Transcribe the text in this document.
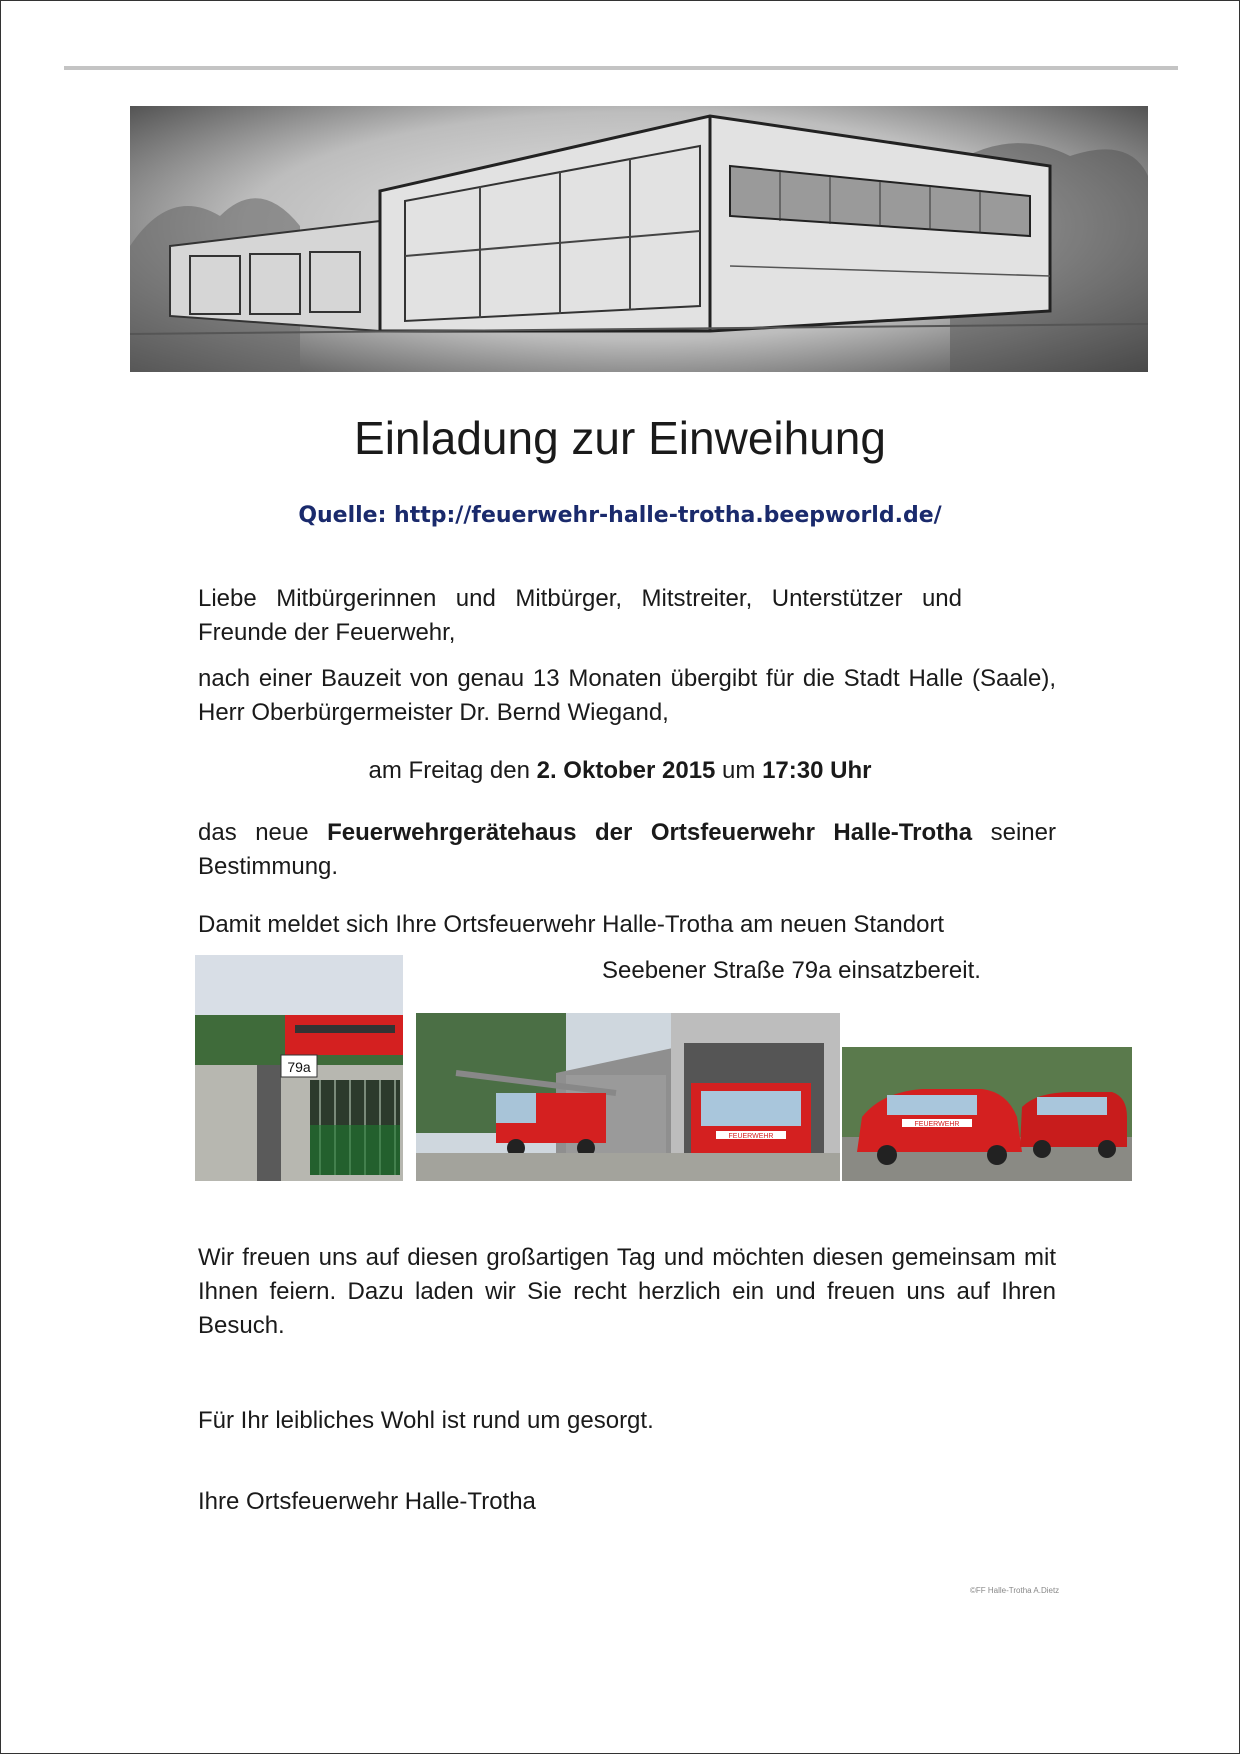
Einladung zur Einweihung
Quelle: http://feuerwehr-halle-trotha.beepworld.de/
Liebe Mitbürgerinnen und Mitbürger, Mitstreiter, Unterstützer und Freunde der Feuerwehr,
nach einer Bauzeit von genau 13 Monaten übergibt für die Stadt Halle (Saale), Herr Oberbürgermeister Dr. Bernd Wiegand,
am Freitag den 2. Oktober 2015 um 17:30 Uhr
das neue Feuerwehrgerätehaus der Ortsfeuerwehr Halle-Trotha seiner Bestimmung.
Damit meldet sich Ihre Ortsfeuerwehr Halle-Trotha am neuen Standort
Seebener Straße 79a einsatzbereit.
79a
FEUERWEHR
FEUERWEHR
Wir freuen uns auf diesen großartigen Tag und möchten diesen gemeinsam mit Ihnen feiern. Dazu laden wir Sie recht herzlich ein und freuen uns auf Ihren Besuch.
Für Ihr leibliches Wohl ist rund um gesorgt.
Ihre Ortsfeuerwehr Halle-Trotha
©FF Halle-Trotha A.Dietz
